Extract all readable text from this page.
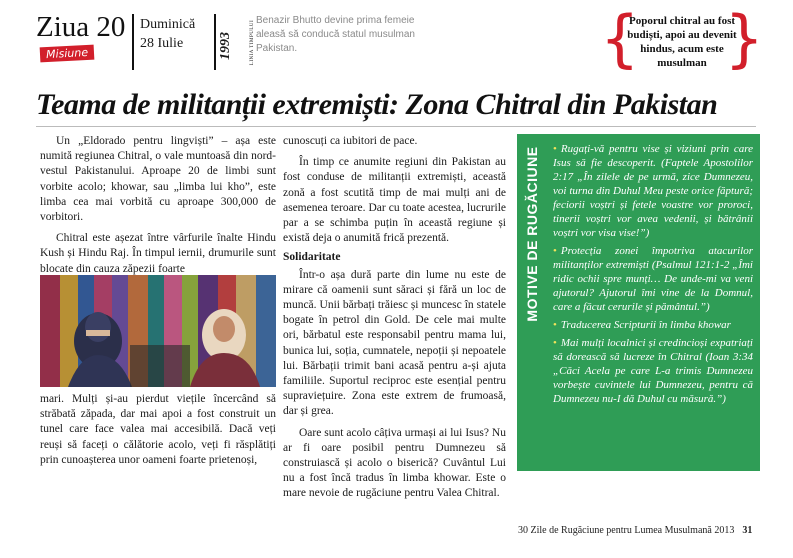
Ziua 20
Misiune
Duminică
28 Iulie	1993	LINIA TIMPULUI Benazir Bhutto devine prima femeie aleasă să conducă statul musulman Pakistan.	{
Poporul chitral au fost budiști, apoi au devenit hindus, acum este musulman }
Teama de militanții extremiști: Zona Chitral din Pakistan

Un „Eldorado pentru lingviști” – așa este numită regiunea Chitral, o vale muntoasă din nord-vestul Pakistanului. Aproape 20 de limbi sunt vorbite acolo; khowar, sau „limba lui kho”, este limba cea mai vorbită cu aproape 300,000 de vorbitori.

Chitral este așezat între vârfurile înalte Hindu Kush și Hindu Raj. În timpul iernii, drumurile sunt blocate din cauza zăpezii foarte

mari. Mulți și-au pierdut viețile încercând să străbată zăpada, dar mai apoi a fost construit un tunel care face valea mai accesibilă. Dacă veți reuși să faceți o călătorie acolo, veți fi răsplătiți prin cunoașterea unor oameni foarte prietenoși,

cunoscuți ca iubitori de pace.

În timp ce anumite regiuni din Pakistan au fost conduse de militanții extremiști, această zonă a fost scutită timp de mai mulți ani de asemenea teroare. Dar cu toate acestea, lucrurile par a se schimba puțin în această regiune și există deja o anumită frică prezentă.

Solidaritate

Într-o așa dură parte din lume nu este de mirare că oamenii sunt săraci și fără un loc de muncă. Unii bărbați trăiesc și muncesc în statele bogate în petrol din Gold. De cele mai multe ori, bărbatul este responsabil pentru mama lui, bunica lui, soția, cumnatele, nepoții și nepoatele lui. Bărbații trimit bani acasă pentru a-și ajuta familiile. Suportul reciproc este esențial pentru supraviețuire. Zona este extrem de frumoasă, dar și grea.

Oare sunt acolo câțiva urmași ai lui Isus? Nu ar fi oare posibil pentru Dumnezeu să construiască și acolo o biserică? Cuvântul Lui nu a fost încă tradus în limba khowar. Este o mare nevoie de rugăciune pentru Valea Chitral.

MOTIVE DE RUGĂCIUNE • Rugați-vă pentru vise și viziuni prin care Isus să fie descoperit. (Faptele Apostolilor 2:17 „În zilele de pe urmă, zice Dumnezeu, voi turna din Duhul Meu peste orice făptură; feciorii voștri și fetele voastre vor proroci, tinerii voștri vor avea vedenii, și bătrânii voștri vor visa vise!”)
• Protecția zonei împotriva atacurilor militanților extremiști (Psalmul 121:1-2 „Îmi ridic ochii spre munți… De unde-mi va veni ajutorul? Ajutorul îmi vine de la Domnul, care a făcut cerurile și pământul.”)
• Traducerea Scripturii în limba khowar
• Mai mulți localnici și credincioși expatriați să dorească să lucreze în Chitral (Ioan 3:34 „Căci Acela pe care L-a trimis Dumnezeu vorbește cuvintele lui Dumnezeu, pentru că Dumnezeu nu-I dă Duhul cu măsură.”)
30 Zile de Rugăciune pentru Lumea Musulmană 2013 31
